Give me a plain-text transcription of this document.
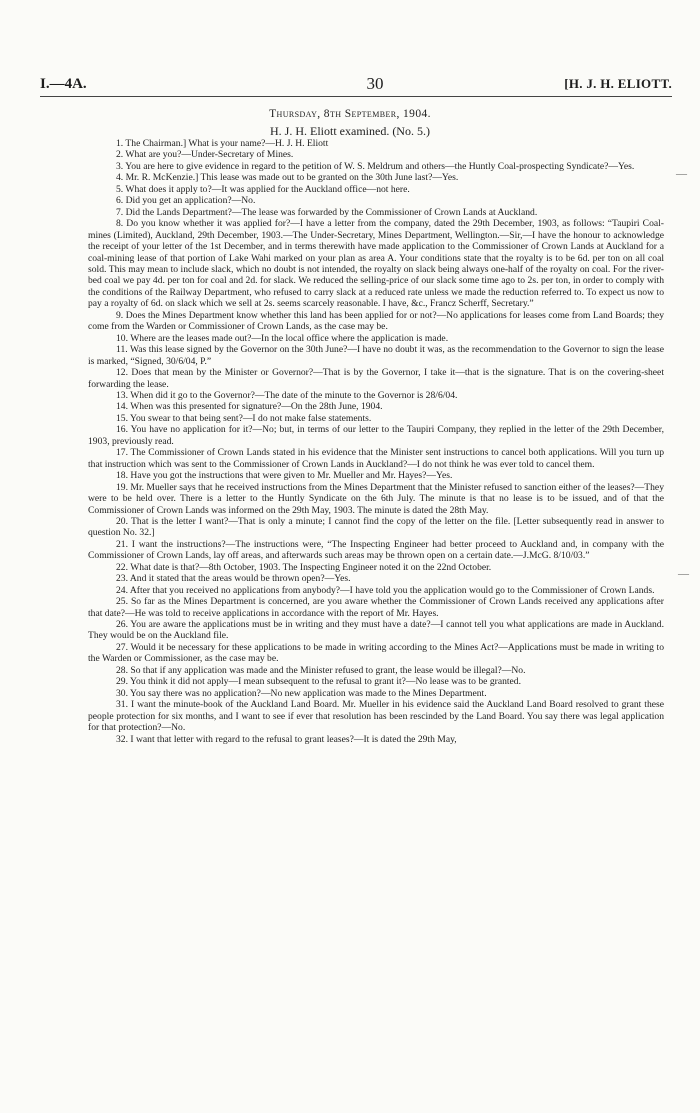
I.—4A.	30	[H. J. H. ELIOTT.
Thursday, 8th September, 1904.
H. J. H. Eliott examined. (No. 5.)

1. The Chairman.] What is your name?—H. J. H. Eliott

2. What are you?—Under-Secretary of Mines.

3. You are here to give evidence in regard to the petition of W. S. Meldrum and others—the Huntly Coal-prospecting Syndicate?—Yes.

4. Mr. R. McKenzie.] This lease was made out to be granted on the 30th June last?—Yes.

5. What does it apply to?—It was applied for the Auckland office—not here.

6. Did you get an application?—No.

7. Did the Lands Department?—The lease was forwarded by the Commissioner of Crown Lands at Auckland.

8. Do you know whether it was applied for?—I have a letter from the company, dated the 29th December, 1903, as follows: “Taupiri Coal-mines (Limited), Auckland, 29th December, 1903.—The Under-Secretary, Mines Department, Wellington.—Sir,—I have the honour to acknowledge the receipt of your letter of the 1st December, and in terms therewith have made application to the Commissioner of Crown Lands at Auckland for a coal-mining lease of that portion of Lake Wahi marked on your plan as area A. Your conditions state that the royalty is to be 6d. per ton on all coal sold. This may mean to include slack, which no doubt is not intended, the royalty on slack being always one-half of the royalty on coal. For the river-bed coal we pay 4d. per ton for coal and 2d. for slack. We reduced the selling-price of our slack some time ago to 2s. per ton, in order to comply with the conditions of the Railway Department, who refused to carry slack at a reduced rate unless we made the reduction referred to. To expect us now to pay a royalty of 6d. on slack which we sell at 2s. seems scarcely reasonable. I have, &c., Francz Scherff, Secretary.”

9. Does the Mines Department know whether this land has been applied for or not?—No applications for leases come from Land Boards; they come from the Warden or Commissioner of Crown Lands, as the case may be.

10. Where are the leases made out?—In the local office where the application is made.

11. Was this lease signed by the Governor on the 30th June?—I have no doubt it was, as the recommendation to the Governor to sign the lease is marked, “Signed, 30/6/04, P.”

12. Does that mean by the Minister or Governor?—That is by the Governor, I take it—that is the signature. That is on the covering-sheet forwarding the lease.

13. When did it go to the Governor?—The date of the minute to the Governor is 28/6/04.

14. When was this presented for signature?—On the 28th June, 1904.

15. You swear to that being sent?—I do not make false statements.

16. You have no application for it?—No; but, in terms of our letter to the Taupiri Company, they replied in the letter of the 29th December, 1903, previously read.

17. The Commissioner of Crown Lands stated in his evidence that the Minister sent instructions to cancel both applications. Will you turn up that instruction which was sent to the Commissioner of Crown Lands in Auckland?—I do not think he was ever told to cancel them.

18. Have you got the instructions that were given to Mr. Mueller and Mr. Hayes?—Yes.

19. Mr. Mueller says that he received instructions from the Mines Department that the Minister refused to sanction either of the leases?—They were to be held over. There is a letter to the Huntly Syndicate on the 6th July. The minute is that no lease is to be issued, and of that the Commissioner of Crown Lands was informed on the 29th May, 1903. The minute is dated the 28th May.

20. That is the letter I want?—That is only a minute; I cannot find the copy of the letter on the file. [Letter subsequently read in answer to question No. 32.]

21. I want the instructions?—The instructions were, “The Inspecting Engineer had better proceed to Auckland and, in company with the Commissioner of Crown Lands, lay off areas, and afterwards such areas may be thrown open on a certain date.—J.McG. 8/10/03.”

22. What date is that?—8th October, 1903. The Inspecting Engineer noted it on the 22nd October.

23. And it stated that the areas would be thrown open?—Yes.

24. After that you received no applications from anybody?—I have told you the application would go to the Commissioner of Crown Lands.

25. So far as the Mines Department is concerned, are you aware whether the Commissioner of Crown Lands received any applications after that date?—He was told to receive applications in accordance with the report of Mr. Hayes.

26. You are aware the applications must be in writing and they must have a date?—I cannot tell you what applications are made in Auckland. They would be on the Auckland file.

27. Would it be necessary for these applications to be made in writing according to the Mines Act?—Applications must be made in writing to the Warden or Commissioner, as the case may be.

28. So that if any application was made and the Minister refused to grant, the lease would be illegal?—No.

29. You think it did not apply—I mean subsequent to the refusal to grant it?—No lease was to be granted.

30. You say there was no application?—No new application was made to the Mines Department.

31. I want the minute-book of the Auckland Land Board. Mr. Mueller in his evidence said the Auckland Land Board resolved to grant these people protection for six months, and I want to see if ever that resolution has been rescinded by the Land Board. You say there was legal application for that protection?—No.

32. I want that letter with regard to the refusal to grant leases?—It is dated the 29th May,

—
—
